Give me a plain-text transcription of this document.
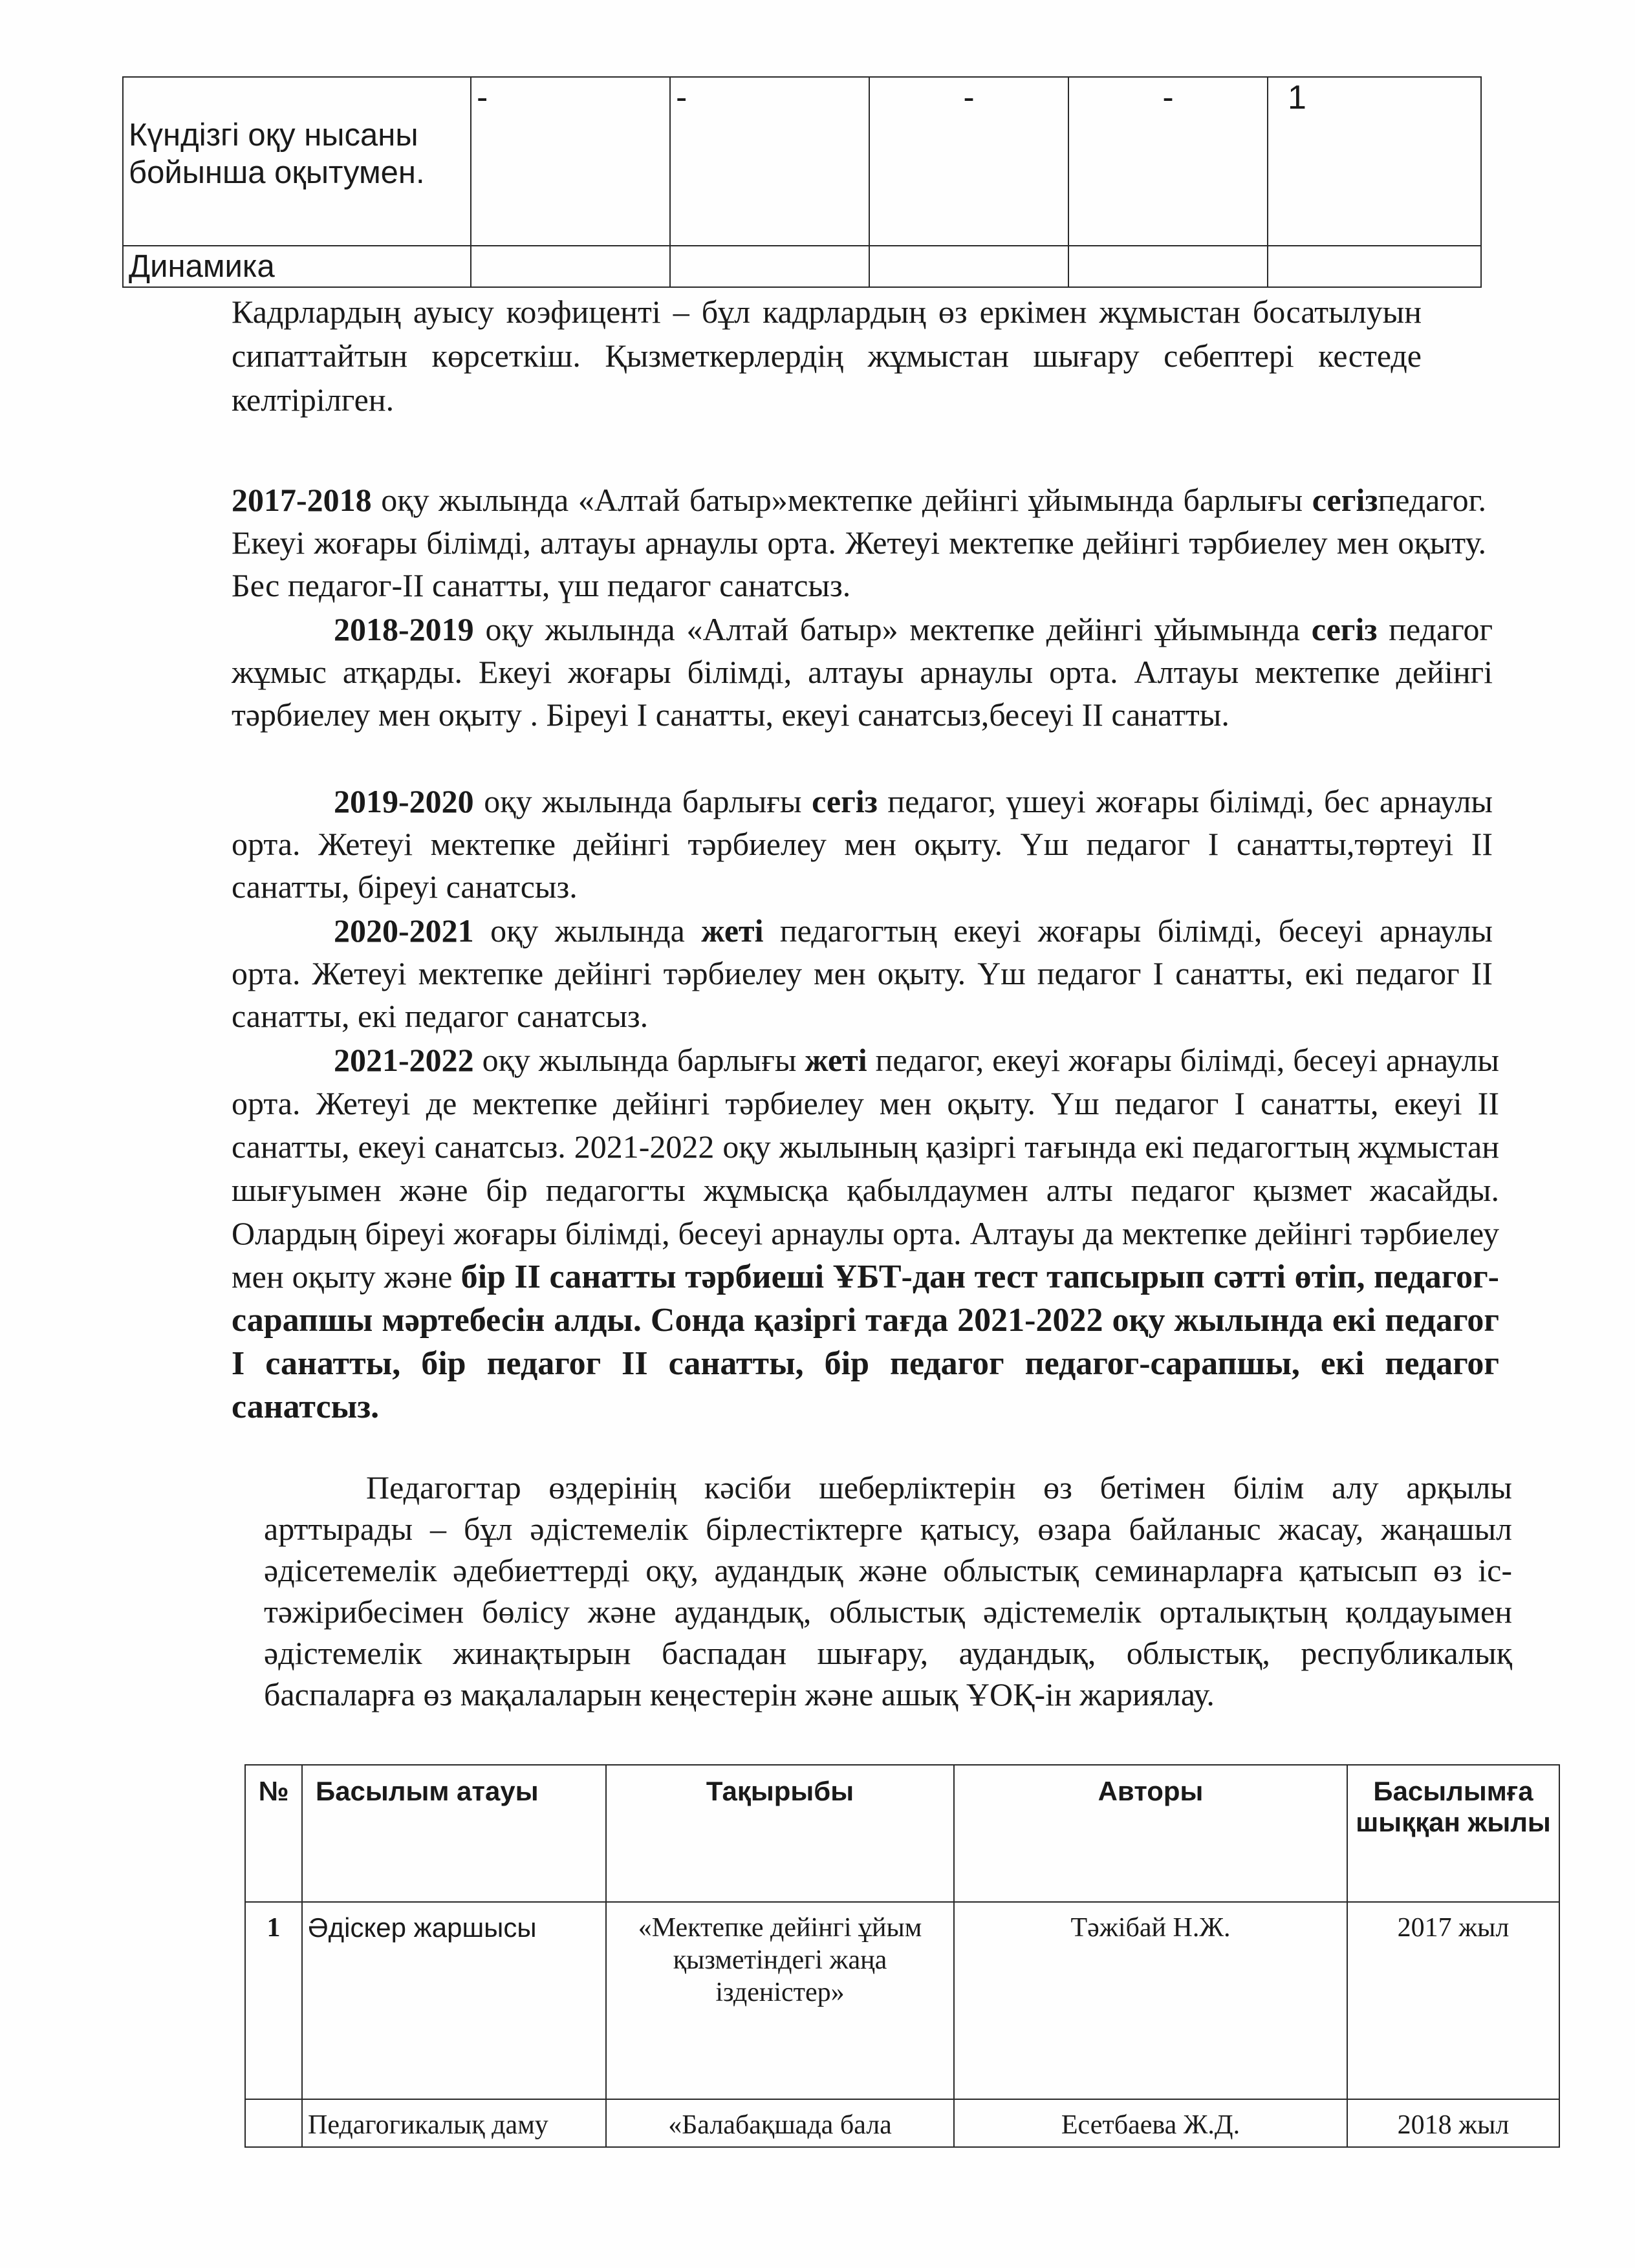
Күндізгі оқу нысаны бойынша оқытумен.	-	-	-	-	1
Динамика					

Кадрлардың ауысу коэфиценті – бұл кадрлардың өз еркімен жұмыстан босатылуын сипаттайтын көрсеткіш. Қызметкерлердің жұмыстан шығару себептері кестеде келтірілген.

2017-2018 оқу жылында «Алтай батыр»мектепке дейінгі ұйымында барлығы сегізпедагог. Екеуі жоғары білімді, алтауы арнаулы орта. Жетеуі мектепке дейінгі тәрбиелеу мен оқыту. Бес педагог-ІІ санатты, үш педагог санатсыз.

2018-2019 оқу жылында «Алтай батыр» мектепке дейінгі ұйымында сегіз педагог жұмыс атқарды. Екеуі жоғары білімді, алтауы арнаулы орта. Алтауы мектепке дейінгі тәрбиелеу мен оқыту . Біреуі І санатты, екеуі санатсыз,бесеуі ІІ санатты.

2019-2020 оқу жылында барлығы сегіз педагог, үшеуі жоғары білімді, бес арнаулы орта. Жетеуі мектепке дейінгі тәрбиелеу мен оқыту. Үш педагог І санатты,төртеуі ІІ санатты, біреуі санатсыз.

2020-2021 оқу жылында жеті педагогтың екеуі жоғары білімді, бесеуі арнаулы орта. Жетеуі мектепке дейінгі тәрбиелеу мен оқыту. Үш педагог І санатты, екі педагог ІІ санатты, екі педагог санатсыз.

2021-2022 оқу жылында барлығы жеті педагог, екеуі жоғары білімді, бесеуі арнаулы орта. Жетеуі де мектепке дейінгі тәрбиелеу мен оқыту. Үш педагог І санатты, екеуі ІІ санатты, екеуі санатсыз. 2021-2022 оқу жылының қазіргі тағында екі педагогтың жұмыстан шығуымен және бір педагогты жұмысқа қабылдаумен алты педагог қызмет жасайды. Олардың біреуі жоғары білімді, бесеуі арнаулы орта. Алтауы да мектепке дейінгі тәрбиелеу мен оқыту және бір ІІ санатты тәрбиеші ҰБТ-дан тест тапсырып сәтті өтіп, педагог-сарапшы мәртебесін алды. Сонда қазіргі тағда 2021-2022 оқу жылында екі педагог І санатты, бір педагог ІІ санатты, бір педагог педагог-сарапшы, екі педагог санатсыз.

Педагогтар өздерінің кәсіби шеберліктерін өз бетімен білім алу арқылы арттырады – бұл әдістемелік бірлестіктерге қатысу, өзара байланыс жасау, жаңашыл әдісетемелік әдебиеттерді оқу, аудандық және облыстық семинарларға қатысып өз іс-тәжірибесімен бөлісу және аудандық, облыстық әдістемелік орталықтың қолдауымен әдістемелік жинақтырын баспадан шығару, аудандық, облыстық, республикалық баспаларға өз мақалаларын кеңестерін және ашық ҰОҚ-ін жариялау.

№	Басылым атауы	Тақырыбы	Авторы	Басылымға шыққан жылы
1	Әдіскер жаршысы	«Мектепке дейінгі ұйым қызметіндегі жаңа ізденістер»	Тәжібай Н.Ж.	2017 жыл
	Педагогикалық даму	«Балабақшада бала	Есетбаева Ж.Д.	2018 жыл
